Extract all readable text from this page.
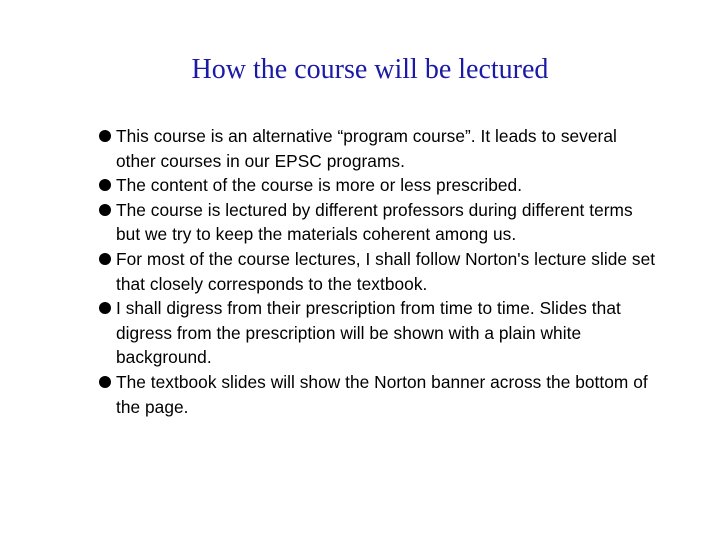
How the course will be lectured
This course is an alternative “program course”. It leads to several other courses in our EPSC programs.
The content of the course is more or less prescribed.
The course is lectured by different professors during different terms but we try to keep the materials coherent among us.
For most of the course lectures, I shall follow Norton's lecture slide set that closely corresponds to the textbook.
I shall digress from their prescription from time to time. Slides that digress from the prescription will be shown with a plain white background.
The textbook slides will show the Norton banner across the bottom of the page.
